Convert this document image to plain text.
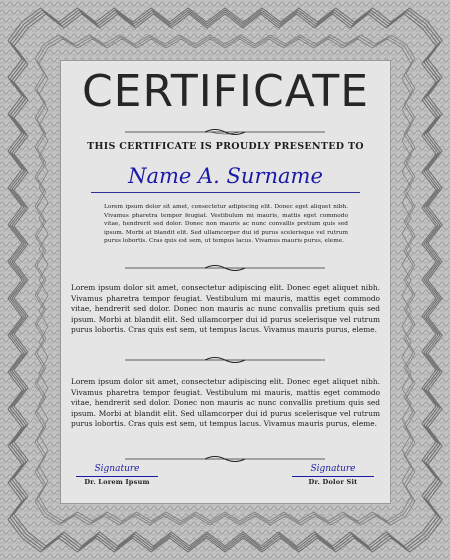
CERTIFICATE
THIS CERTIFICATE IS PROUDLY PRESENTED TO
Name A. Surname
Lorem ipsum dolor sit amet, consectetur adipiscing elit. Donec eget aliquet nibh. Vivamus pharetra tempor feugiat. Vestibulum mi mauris, mattis eget commodo vitae, hendrerit sed dolor. Donec non mauris ac nunc convallis pretium quis sed ipsum. Morbi at blandit elit. Sed ullamcorper dui id purus scelerisque vel rutrum purus lobortis. Cras quis est sem, ut tempus lacus. Vivamus mauris purus, eleme.
Lorem ipsum dolor sit amet, consectetur adipiscing elit. Donec eget aliquet nibh. Vivamus pharetra tempor feugiat. Vestibulum mi mauris, mattis eget commodo vitae, hendrerit sed dolor. Donec non mauris ac nunc convallis pretium quis sed ipsum. Morbi at blandit elit. Sed ullamcorper dui id purus scelerisque vel rutrum purus lobortis. Cras quis est sem, ut tempus lacus. Vivamus mauris purus, eleme.
Lorem ipsum dolor sit amet, consectetur adipiscing elit. Donec eget aliquet nibh. Vivamus pharetra tempor feugiat. Vestibulum mi mauris, mattis eget commodo vitae, hendrerit sed dolor. Donec non mauris ac nunc convallis pretium quis sed ipsum. Morbi at blandit elit. Sed ullamcorper dui id purus scelerisque vel rutrum purus lobortis. Cras quis est sem, ut tempus lacus. Vivamus mauris purus, eleme.
Signature
Dr. Lorem Ipsum
Signature
Dr. Dolor Sit
